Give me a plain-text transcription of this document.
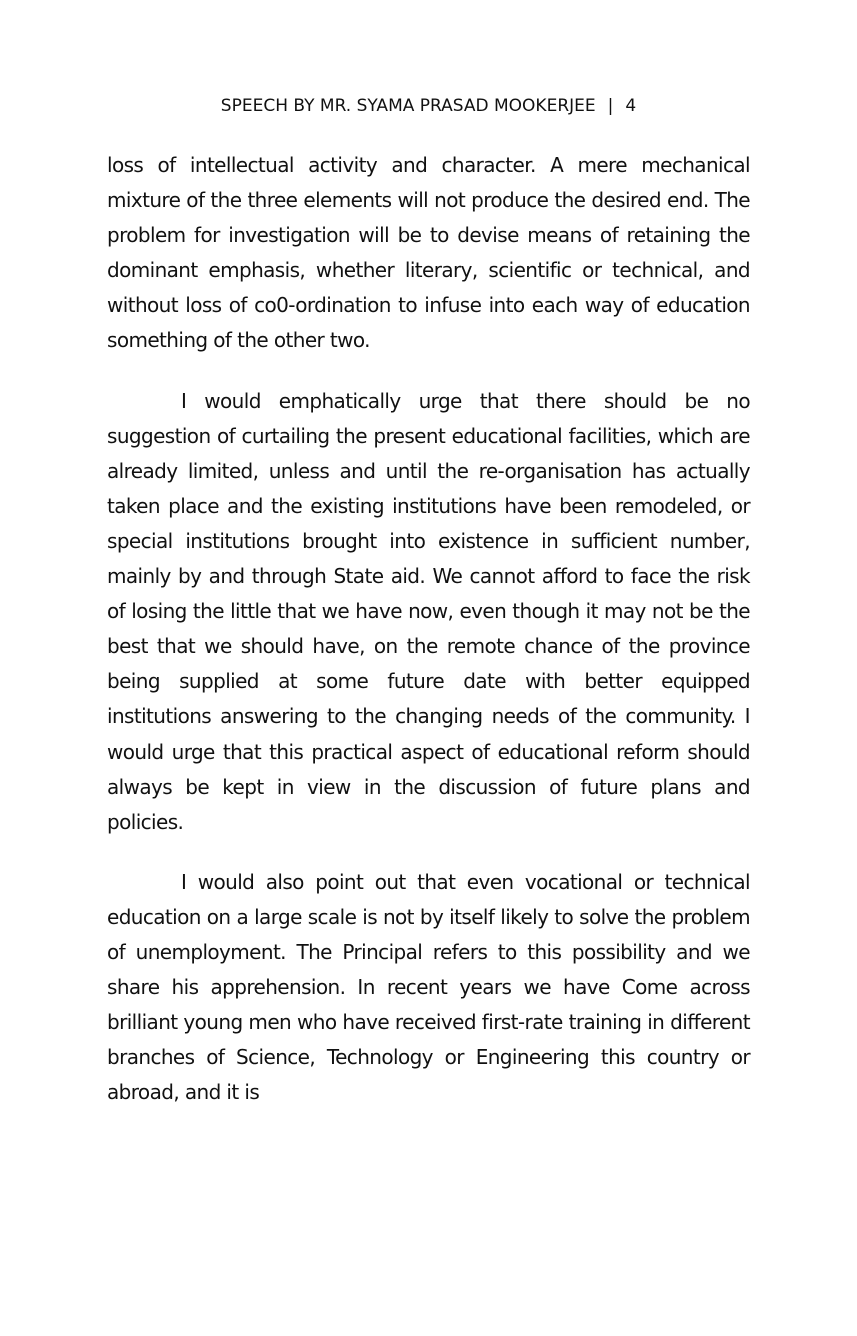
SPEECH BY MR. SYAMA PRASAD MOOKERJEE | 4

loss of intellectual activity and character. A mere mechanical mixture of the three elements will not produce the desired end. The problem for investigation will be to devise means of retaining the dominant emphasis, whether literary, scientific or technical, and without loss of co0-ordination to infuse into each way of education something of the other two.

I would emphatically urge that there should be no suggestion of curtailing the present educational facilities, which are already limited, unless and until the re-organisation has actually taken place and the existing institutions have been remodeled, or special institutions brought into existence in sufficient number, mainly by and through State aid. We cannot afford to face the risk of losing the little that we have now, even though it may not be the best that we should have, on the remote chance of the province being supplied at some future date with better equipped institutions answering to the changing needs of the community. I would urge that this practical aspect of educational reform should always be kept in view in the discussion of future plans and policies.

I would also point out that even vocational or technical education on a large scale is not by itself likely to solve the problem of unemployment. The Principal refers to this possibility and we share his apprehension. In recent years we have Come across brilliant young men who have received first-rate training in different branches of Science, Technology or Engineering this country or abroad, and it is
